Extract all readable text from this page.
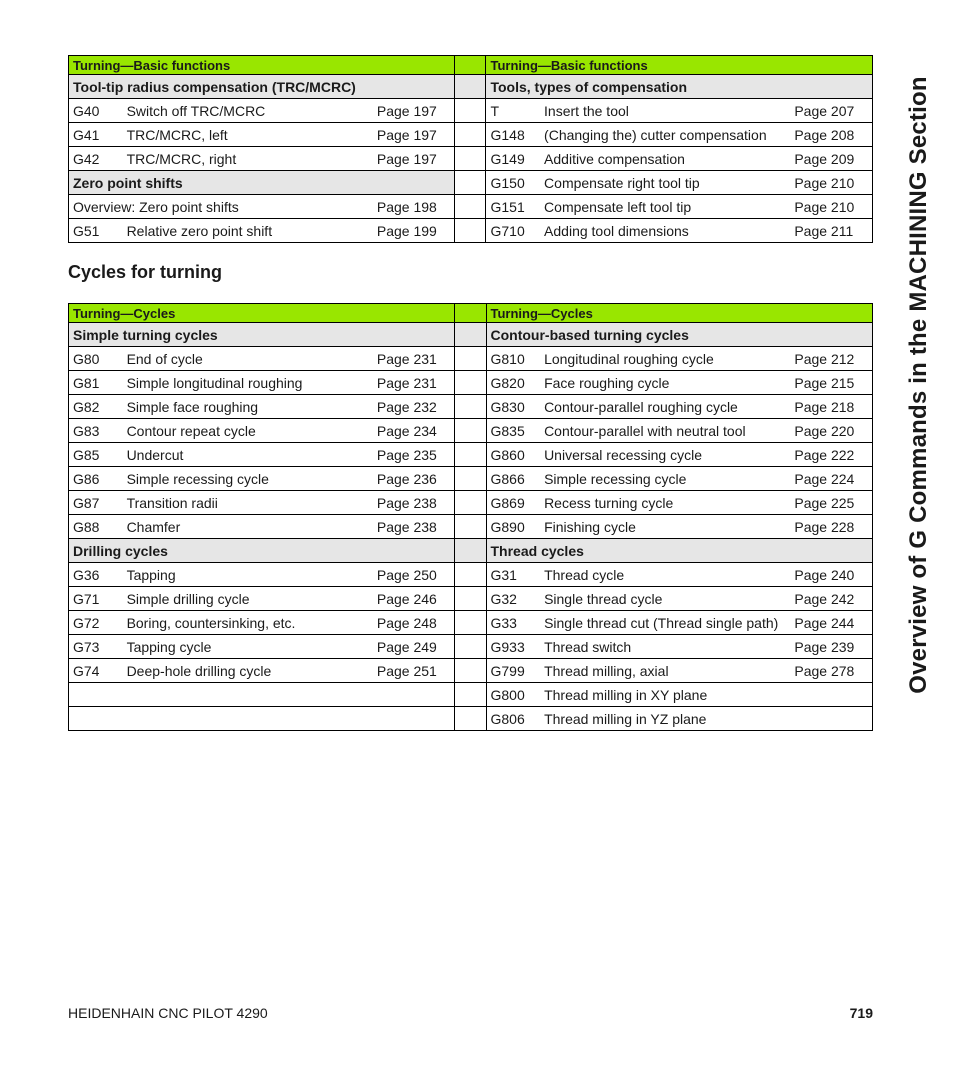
Overview of G Commands in the MACHINING Section
Turning—Basic functions				Turning—Basic functions		
Tool-tip radius compensation (TRC/MCRC)				Tools, types of compensation		
G40	Switch off TRC/MCRC	Page 197		T	Insert the tool	Page 207
G41	TRC/MCRC, left	Page 197		G148	(Changing the) cutter compensation	Page 208
G42	TRC/MCRC, right	Page 197		G149	Additive compensation	Page 209
Zero point shifts				G150	Compensate right tool tip	Page 210
Overview: Zero point shifts		Page 198		G151	Compensate left tool tip	Page 210
G51	Relative zero point shift	Page 199		G710	Adding tool dimensions	Page 211
Cycles for turning
Turning—Cycles				Turning—Cycles		
Simple turning cycles				Contour-based turning cycles		
G80	End of cycle	Page 231		G810	Longitudinal roughing cycle	Page 212
G81	Simple longitudinal roughing	Page 231		G820	Face roughing cycle	Page 215
G82	Simple face roughing	Page 232		G830	Contour-parallel roughing cycle	Page 218
G83	Contour repeat cycle	Page 234		G835	Contour-parallel with neutral tool	Page 220
G85	Undercut	Page 235		G860	Universal recessing cycle	Page 222
G86	Simple recessing cycle	Page 236		G866	Simple recessing cycle	Page 224
G87	Transition radii	Page 238		G869	Recess turning cycle	Page 225
G88	Chamfer	Page 238		G890	Finishing cycle	Page 228
Drilling cycles				Thread cycles		
G36	Tapping	Page 250		G31	Thread cycle	Page 240
G71	Simple drilling cycle	Page 246		G32	Single thread cycle	Page 242
G72	Boring, countersinking, etc.	Page 248		G33	Single thread cut (Thread single path)	Page 244
G73	Tapping cycle	Page 249		G933	Thread switch	Page 239
G74	Deep-hole drilling cycle	Page 251		G799	Thread milling, axial	Page 278
				G800	Thread milling in XY plane	
				G806	Thread milling in YZ plane	
HEIDENHAIN CNC PILOT 4290	719
